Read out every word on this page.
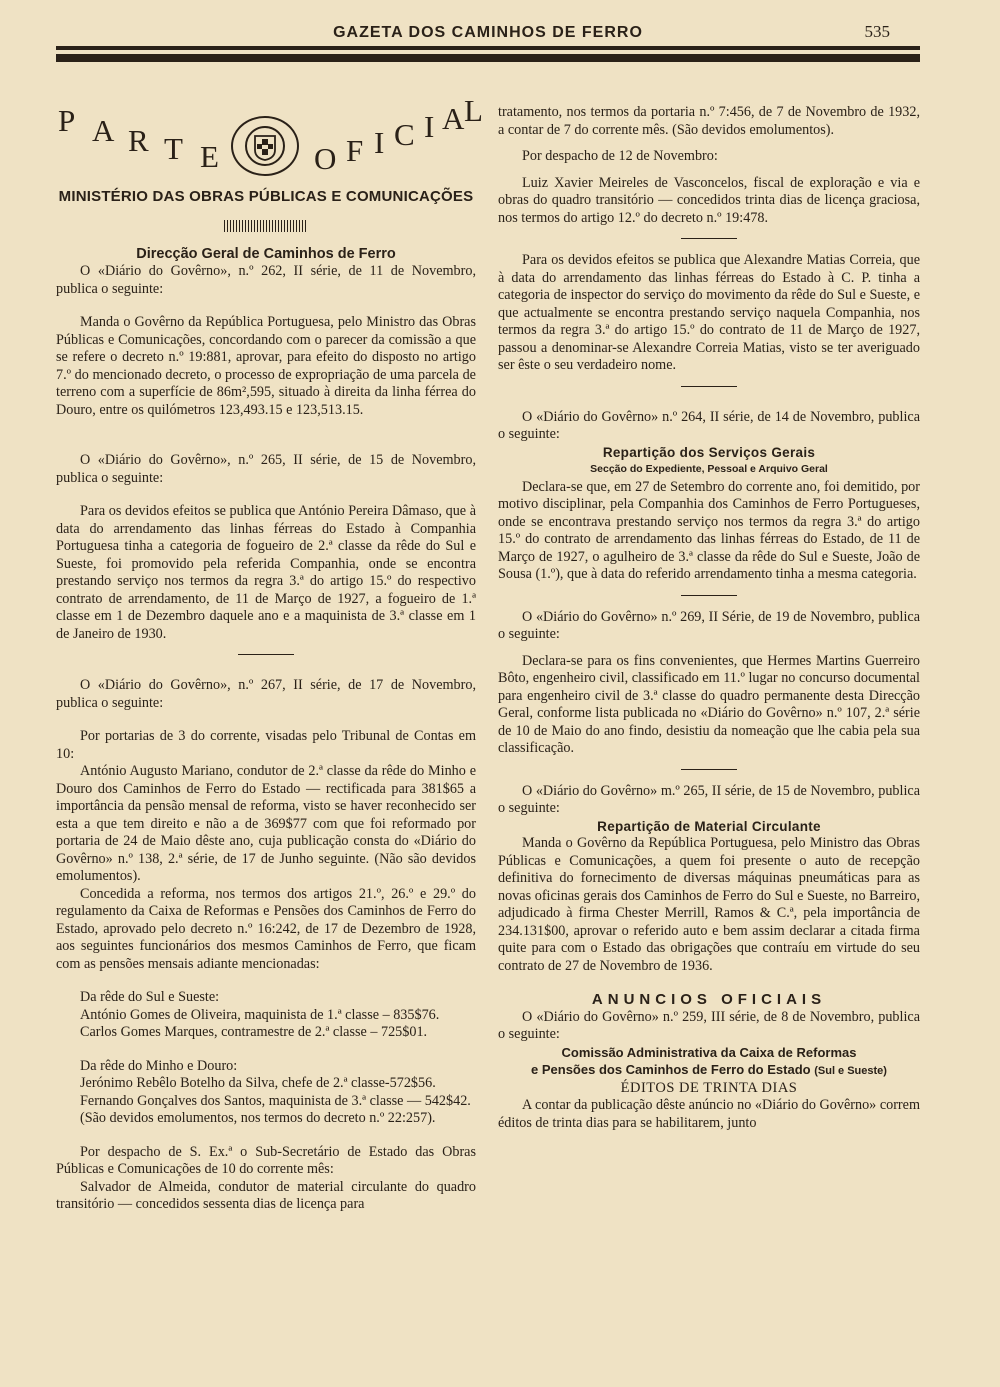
GAZETA DOS CAMINHOS DE FERRO	535
P A R T E	O F I C I A L

MINISTÉRIO DAS OBRAS PÚBLICAS E COMUNICAÇÕES

Direcção Geral de Caminhos de Ferro

O «Diário do Govêrno», n.º 262, II série, de 11 de Novembro, publica o seguinte:

Manda o Govêrno da República Portuguesa, pelo Ministro das Obras Públicas e Comunicações, concordando com o parecer da comissão a que se refere o decreto n.º 19:881, aprovar, para efeito do disposto no artigo 7.º do mencionado decreto, o processo de expropriação de uma parcela de terreno com a superfície de 86m²,595, situado à direita da linha férrea do Douro, entre os quilómetros 123,493.15 e 123,513.15.

O «Diário do Govêrno», n.º 265, II série, de 15 de Novembro, publica o seguinte:

Para os devidos efeitos se publica que António Pereira Dâmaso, que à data do arrendamento das linhas férreas do Estado à Companhia Portuguesa tinha a categoria de fogueiro de 2.ª classe da rêde do Sul e Sueste, foi promovido pela referida Companhia, onde se encontra prestando serviço nos termos da regra 3.ª do artigo 15.º do respectivo contrato de arrendamento, de 11 de Março de 1927, a fogueiro de 1.ª classe em 1 de Dezembro daquele ano e a maquinista de 3.ª classe em 1 de Janeiro de 1930.

O «Diário do Govêrno», n.º 267, II série, de 17 de Novembro, publica o seguinte:

Por portarias de 3 do corrente, visadas pelo Tribunal de Contas em 10:

António Augusto Mariano, condutor de 2.ª classe da rêde do Minho e Douro dos Caminhos de Ferro do Estado — rectificada para 381$65 a importância da pensão mensal de reforma, visto se haver reconhecido ser esta a que tem direito e não a de 369$77 com que foi reformado por portaria de 24 de Maio dêste ano, cuja publicação consta do «Diário do Govêrno» n.º 138, 2.ª série, de 17 de Junho seguinte. (Não são devidos emolumentos).

Concedida a reforma, nos termos dos artigos 21.º, 26.º e 29.º do regulamento da Caixa de Reformas e Pensões dos Caminhos de Ferro do Estado, aprovado pelo decreto n.º 16:242, de 17 de Dezembro de 1928, aos seguintes funcionários dos mesmos Caminhos de Ferro, que ficam com as pensões mensais adiante mencionadas:

Da rêde do Sul e Sueste:

António Gomes de Oliveira, maquinista de 1.ª classe – 835$76.

Carlos Gomes Marques, contramestre de 2.ª classe – 725$01.

Da rêde do Minho e Douro:

Jerónimo Rebêlo Botelho da Silva, chefe de 2.ª classe-572$56.

Fernando Gonçalves dos Santos, maquinista de 3.ª classe — 542$42.

(São devidos emolumentos, nos termos do decreto n.º 22:257).

Por despacho de S. Ex.ª o Sub-Secretário de Estado das Obras Públicas e Comunicações de 10 do corrente mês:

Salvador de Almeida, condutor de material circulante do quadro transitório — concedidos sessenta dias de licença para

tratamento, nos termos da portaria n.º 7:456, de 7 de Novembro de 1932, a contar de 7 do corrente mês. (São devidos emolumentos).

Por despacho de 12 de Novembro:

Luiz Xavier Meireles de Vasconcelos, fiscal de exploração e via e obras do quadro transitório — concedidos trinta dias de licença graciosa, nos termos do artigo 12.º do decreto n.º 19:478.

Para os devidos efeitos se publica que Alexandre Matias Correia, que à data do arrendamento das linhas férreas do Estado à C. P. tinha a categoria de inspector do serviço do movimento da rêde do Sul e Sueste, e que actualmente se encontra prestando serviço naquela Companhia, nos termos da regra 3.ª do artigo 15.º do contrato de 11 de Março de 1927, passou a denominar-se Alexandre Correia Matias, visto se ter averiguado ser êste o seu verdadeiro nome.

O «Diário do Govêrno» n.º 264, II série, de 14 de Novembro, publica o seguinte:

Repartição dos Serviços Gerais

Secção do Expediente, Pessoal e Arquivo Geral

Declara-se que, em 27 de Setembro do corrente ano, foi demitido, por motivo disciplinar, pela Companhia dos Caminhos de Ferro Portugueses, onde se encontrava prestando serviço nos termos da regra 3.ª do artigo 15.º do contrato de arrendamento das linhas férreas do Estado, de 11 de Março de 1927, o agulheiro de 3.ª classe da rêde do Sul e Sueste, João de Sousa (1.º), que à data do referido arrendamento tinha a mesma categoria.

O «Diário do Govêrno» n.º 269, II Série, de 19 de Novembro, publica o seguinte:

Declara-se para os fins convenientes, que Hermes Martins Guerreiro Bôto, engenheiro civil, classificado em 11.º lugar no concurso documental para engenheiro civil de 3.ª classe do quadro permanente desta Direcção Geral, conforme lista publicada no «Diário do Govêrno» n.º 107, 2.ª série de 10 de Maio do ano findo, desistiu da nomeação que lhe cabia pela sua classificação.

O «Diário do Govêrno» m.º 265, II série, de 15 de Novembro, publica o seguinte:

Repartição de Material Circulante

Manda o Govêrno da República Portuguesa, pelo Ministro das Obras Públicas e Comunicações, a quem foi presente o auto de recepção definitiva do fornecimento de diversas máquinas pneumáticas para as novas oficinas gerais dos Caminhos de Ferro do Sul e Sueste, no Barreiro, adjudicado à firma Chester Merrill, Ramos & C.ª, pela importância de 234.131$00, aprovar o referido auto e bem assim declarar a citada firma quite para com o Estado das obrigações que contraíu em virtude do seu contrato de 27 de Novembro de 1936.

ANUNCIOS OFICIAIS

O «Diário do Govêrno» n.º 259, III série, de 8 de Novembro, publica o seguinte:

Comissão Administrativa da Caixa de Reformas
e Pensões dos Caminhos de Ferro do Estado (Sul e Sueste)

ÉDITOS DE TRINTA DIAS

A contar da publicação dêste anúncio no «Diário do Govêrno» correm éditos de trinta dias para se habilitarem, junto
